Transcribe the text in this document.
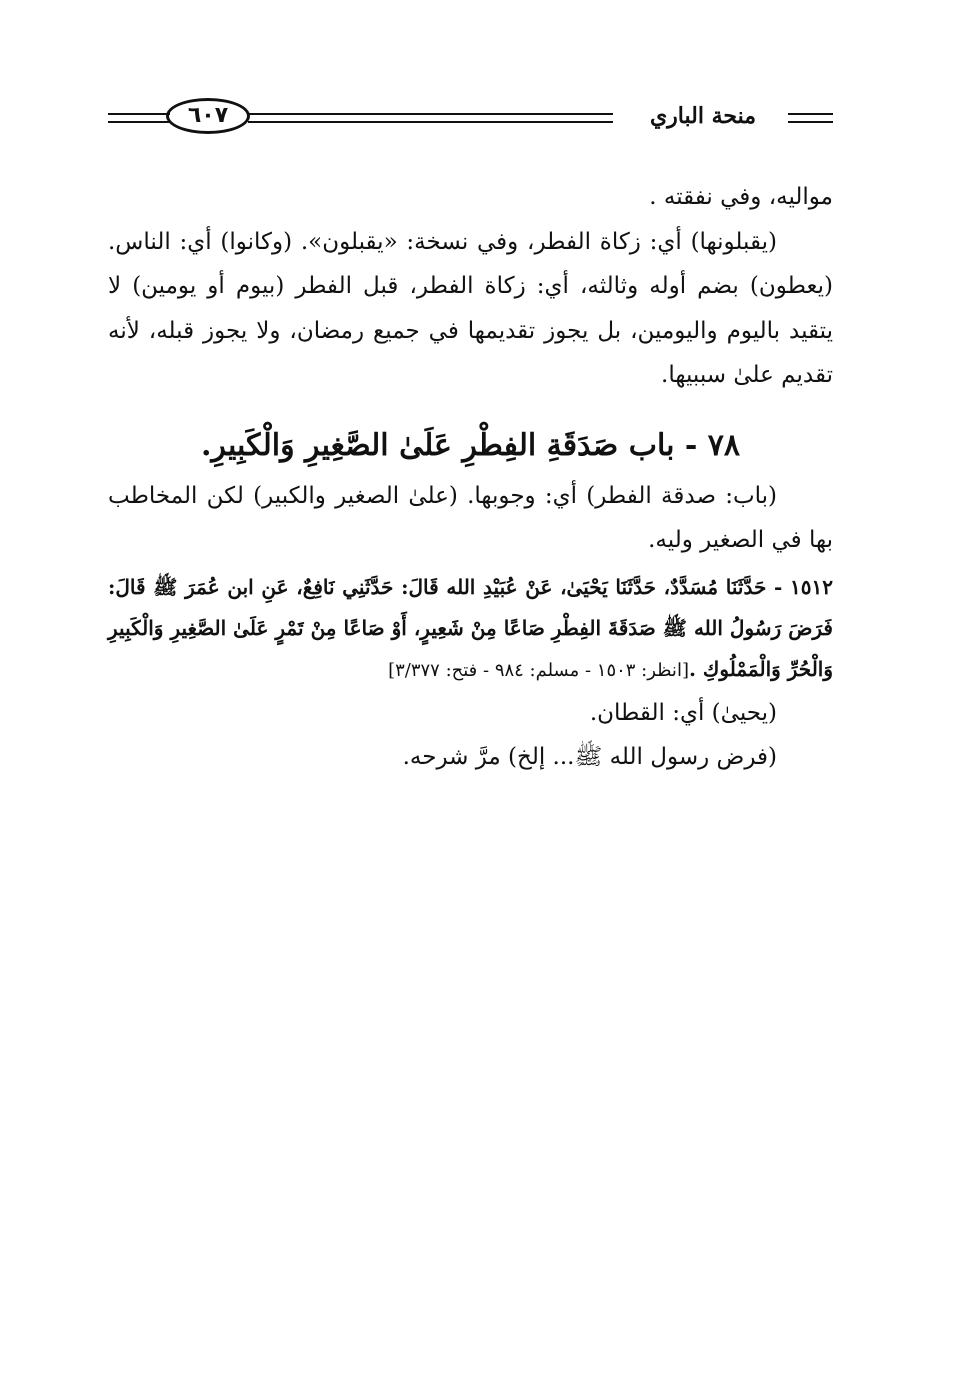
٦٠٧	منحة الباري

مواليه، وفي نفقته .

(يقبلونها) أي: زكاة الفطر، وفي نسخة: «يقبلون». (وكانوا) أي: الناس. (يعطون) بضم أوله وثالثه، أي: زكاة الفطر، قبل الفطر (بيوم أو يومين) لا يتقيد باليوم واليومين، بل يجوز تقديمها في جميع رمضان، ولا يجوز قبله، لأنه تقديم علىٰ سببيها.

٧٨ - باب صَدَقَةِ الفِطْرِ عَلَىٰ الصَّغِيرِ وَالْكَبِيرِ.

(باب: صدقة الفطر) أي: وجوبها. (علىٰ الصغير والكبير) لكن المخاطب بها في الصغير وليه.

١٥١٢ - حَدَّثَنَا مُسَدَّدٌ، حَدَّثَنَا يَحْيَىٰ، عَنْ عُبَيْدِ الله قَالَ: حَدَّثَنِي نَافِعٌ، عَنِ ابن عُمَرَ ﷺ قَالَ: فَرَضَ رَسُولُ الله ﷺ صَدَقَةَ الفِطْرِ صَاعًا مِنْ شَعِيرٍ، أَوْ صَاعًا مِنْ تَمْرٍ عَلَىٰ الصَّغِيرِ وَالْكَبِيرِ وَالْحُرِّ وَالْمَمْلُوكِ .[انظر: ١٥٠٣ - مسلم: ٩٨٤ - فتح: ٣/٣٧٧]

(يحيىٰ) أي: القطان.

(فرض رسول الله ﷺ... إلخ) مرَّ شرحه.
